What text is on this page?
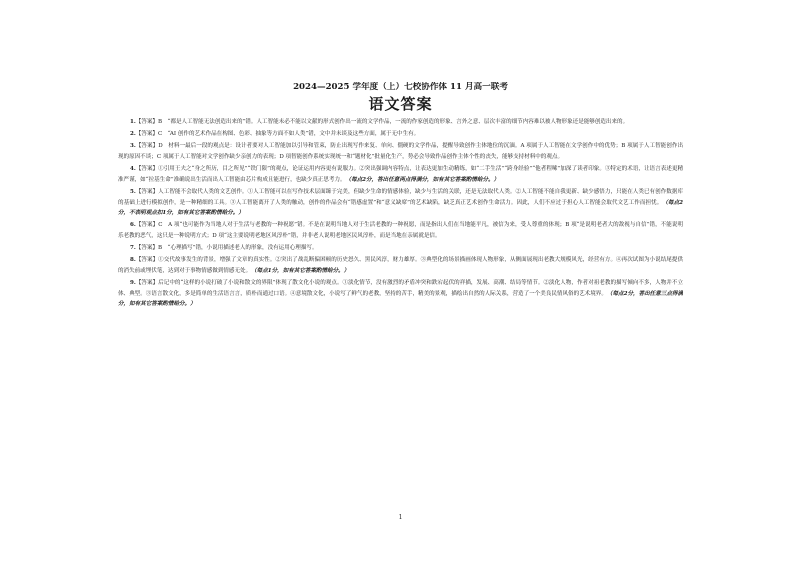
2024—2025 学年度（上）七校协作体 11 月高一联考
语文答案

1.【答案】B　“都是人工智能无法创造出来的”错。人工智能未必不能以文献的形式创作出一流的文学作品，一流的作家创造的形象、言外之意、层次丰富的细节内容难以被人物形象还是能够创造出来的。

2.【答案】C　“AI 创作的艺术作品在构图、色彩、抽象等方面不如人类”错，文中并未谈及这些方面，属于无中生有。

3.【答案】D　材料一最后一段的观点是：设计者要对人工智能加以引导和管束，防止出现写作来复、单向、僵硬的文学作品，提醒导致创作主体地位的沉湎。A 项属于人工智能在文学创作中的优势；B 项属于人工智能创作出现的原因不谈；C 项属于人工智能对文学创作缺少亲创力的表现；D 项智能创作系统实现统一和“题材化”批量化生产，势必会导致作品创作主体个性的丧失，能够支持材料中的观点。

4.【答案】①引用王夫之“身之所历，目之所见”“铁门限”的观点，论证运用内容更有说服力。②突出强调内容特点，让表达更加生动精练，如“二手生活”“跨身经验”“他者程嗦”加深了读者印象。③特定的术语，让语言表述更精准严谨，如“拉基生命”准确说出生活而出人工智能由芯片构成且能进行，也缺少真正思考力。（每点2分，答出任意两点得满分，如有其它答案酌情给分。）

5.【答案】人工智能不会取代人类的文艺创作。①人工智能可以在写作技术层面臻于完美，但缺少生命的情感体验，缺少与生活的关联，还是无法取代人类。②人工智能不能自我更新、缺少感悟力，只能在人类已有创作数据库的基础上进行模拟创作，是一种精细的工具。③人工智能离开了人类的触动，创作的作品会有“错感虚置”和“意义缺席”的艺术缺陷，缺乏真正艺术创作生命活力。因此，人们不应过于担心人工智能会取代文艺工作而担忧。（每点2分，不表明观点扣1分，如有其它答案酌情给分。）

6.【答案】C　A 项“也可能作为当地人对于生活与老教的一种祝愿”错。不是在说明当地人对于生活老教的一种祝愿，而是指出人们在当地能平凡，被信为来，受人尊重的体现；B 项“是说明老者大的敌视与自信”错，不能说明乐老教的恶气，这只是一种说明方式；D 项“这主要说明老地区风淳朴”错，并非老人说明老地区民风淳朴，而是当地在亲属就是信。

7.【答案】B　“心理描写”错，小说用描述老人的形象，没有运用心理描写。

8.【答案】①交代故事发生的背景，增强了文章的真实性。②突出了战乱断偏困顿的历史怒久、黑民风淳，财力雄厚。③典型化的场景描画体现人物形象，从侧面展现出老教大规模风光，经营有方。④再次试图为小说结尾提供的消失前或埋伏笔，达到对于事物情感做到情感无处。（每点1分，如有其它答案酌情给分。）

9.【答案】后记中的“这样的小说打破了小说和散文的界限”体现了散文化小说的观点。①淡化情节，没有激烈的矛盾冲突和跌宕起伏的祥描，发展、高潮、结局等情节。②淡化人物，作者对祖老教的描写倾向不多，人物并不立体、典型。③语言散文化，多是简单的生活语言言，质朴而通过口语。④意境散文化，小说写了鲜气的老教，坚持的苦手，精美的景观，描绘出自然的人际关系，营造了一个美良民情风俗的艺术境界。（每点2分，答出任意三点得满分，如有其它答案酌情给分。）

1
